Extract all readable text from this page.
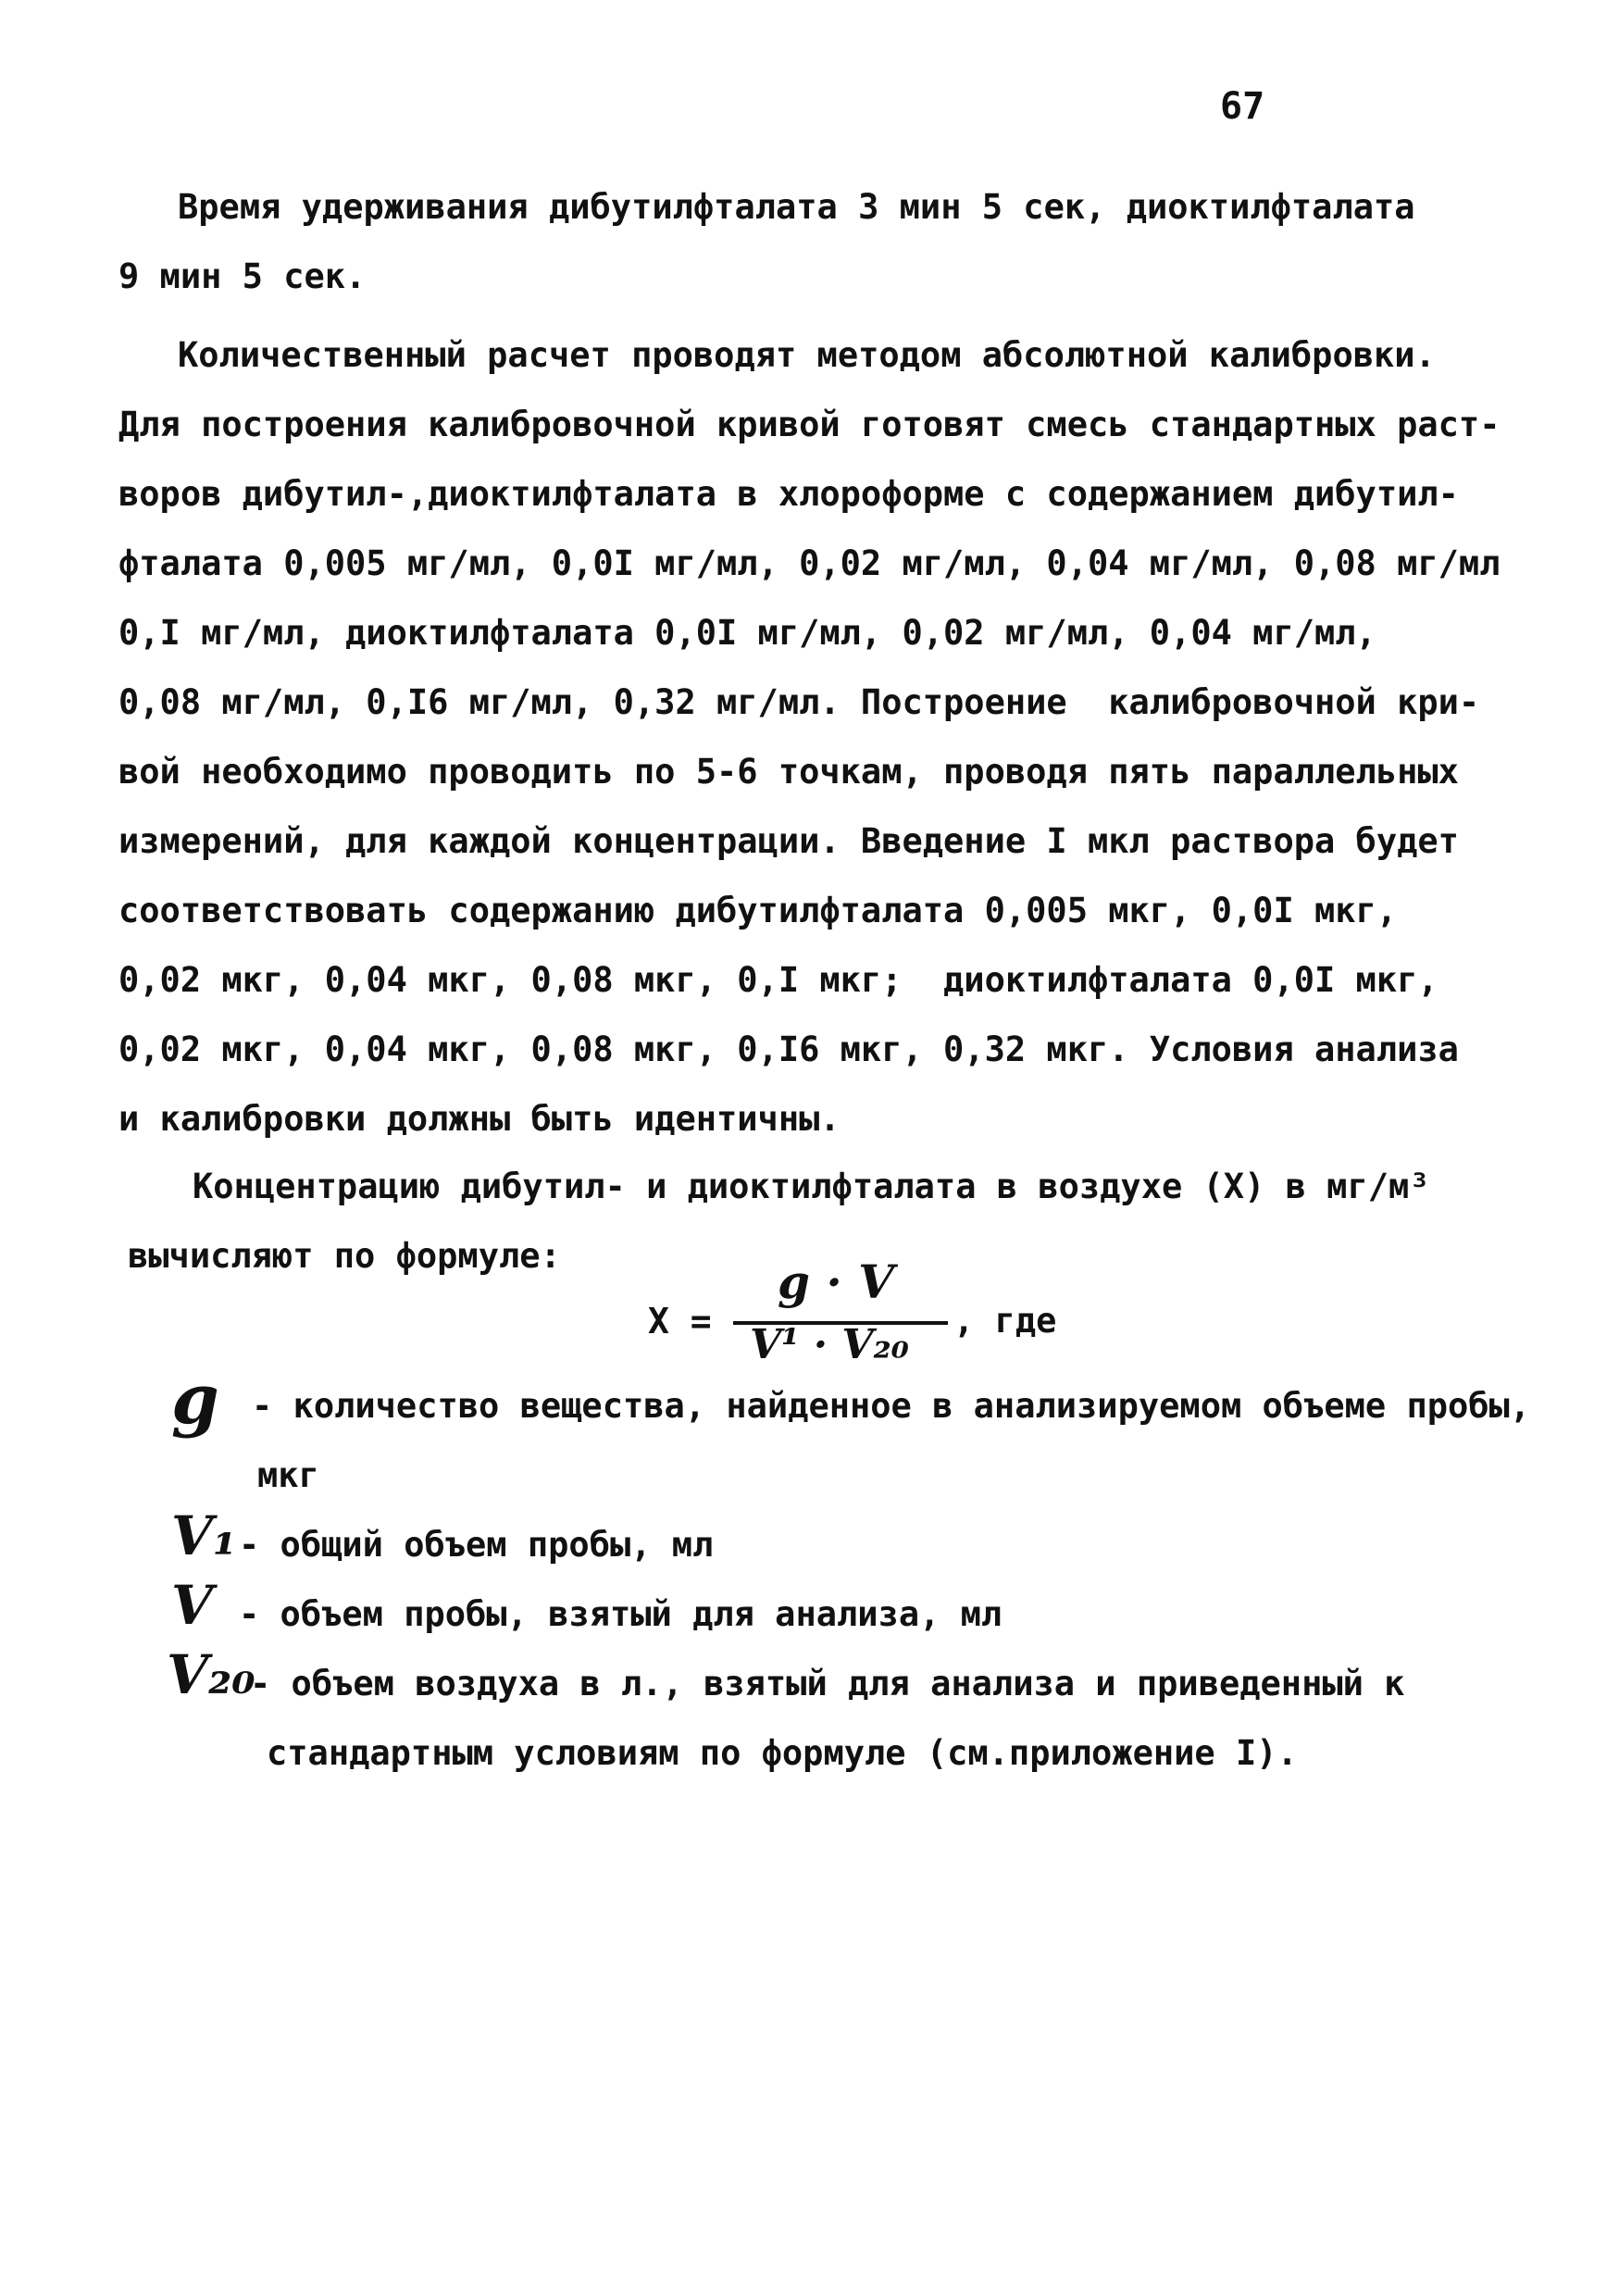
67
Время удерживания дибутилфталата 3 мин 5 сек, диоктилфталата
9 мин 5 сек.
Количественный расчет проводят методом абсолютной калибровки.
Для построения калибровочной кривой готовят смесь стандартных раст-
воров дибутил-,диоктилфталата в хлороформе с содержанием дибутил-
фталата 0,005 мг/мл, 0,0I мг/мл, 0,02 мг/мл, 0,04 мг/мл, 0,08 мг/мл
0,I мг/мл, диоктилфталата 0,0I мг/мл, 0,02 мг/мл, 0,04 мг/мл,
0,08 мг/мл, 0,I6 мг/мл, 0,32 мг/мл. Построение  калибровочной кри-
вой необходимо проводить по 5-6 точкам, проводя пять параллельных
измерений, для каждой концентрации. Введение I мкл раствора будет
соответствовать содержанию дибутилфталата 0,005 мкг, 0,0I мкг,
0,02 мкг, 0,04 мкг, 0,08 мкг, 0,I мкг;  диоктилфталата 0,0I мкг,
0,02 мкг, 0,04 мкг, 0,08 мкг, 0,I6 мкг, 0,32 мкг. Условия анализа
и калибровки должны быть идентичны.
Концентрацию дибутил- и диоктилфталата в воздухе (X) в мг/м³
вычисляют по формуле:
X =
g · V
V¹ · V₂₀
, где
g - количество вещества, найденное в анализируемом объеме пробы,
мкг
V₁ - общий объем пробы, мл
V - объем пробы, взятый для анализа, мл
V₂₀
- объем воздуха в л., взятый для анализа и приведенный к
стандартным условиям по формуле (см.приложение I).
